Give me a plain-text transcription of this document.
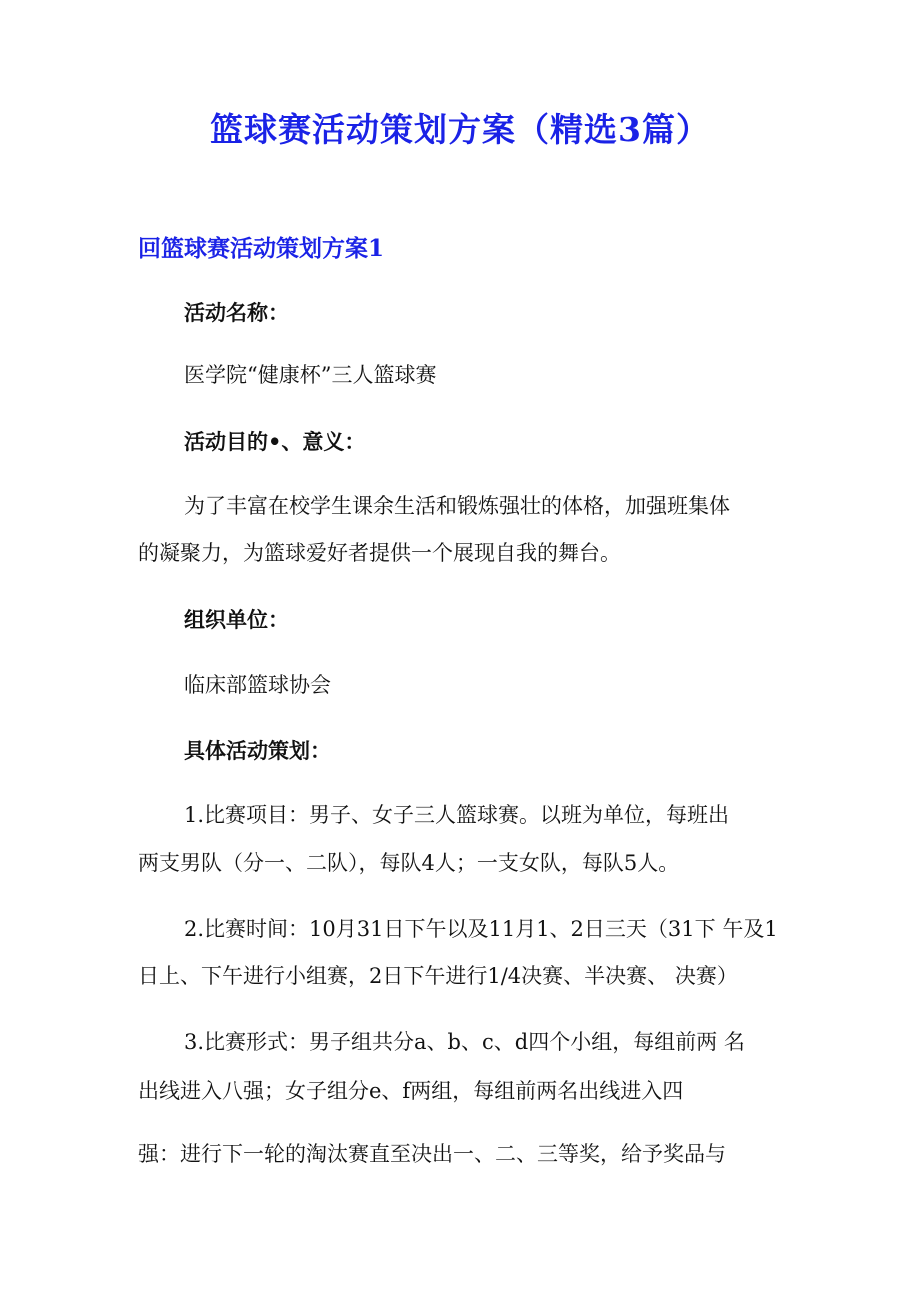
篮球赛活动策划方案（精选3篇）
回篮球赛活动策划方案1
活动名称：
医学院“健康杯”三人篮球赛
活动目的•、意义：
为了丰富在校学生课余生活和锻炼强壮的体格，加强班集体
的凝聚力，为篮球爱好者提供一个展现自我的舞台。
组织单位：
临床部篮球协会
具体活动策划：
1.比赛项目：男子、女子三人篮球赛。以班为单位，每班出
两支男队（分一、二队），每队4人；一支女队，每队5人。
2.比赛时间：10月31日下午以及11月1、2日三天（31下 午及1
日上、下午进行小组赛，2日下午进行1/4决赛、半决赛、 决赛）
3.比赛形式：男子组共分a、b、c、d四个小组，每组前两 名
出线进入八强；女子组分e、f两组，每组前两名出线进入四
强：进行下一轮的淘汰赛直至决出一、二、三等奖，给予奖品与
